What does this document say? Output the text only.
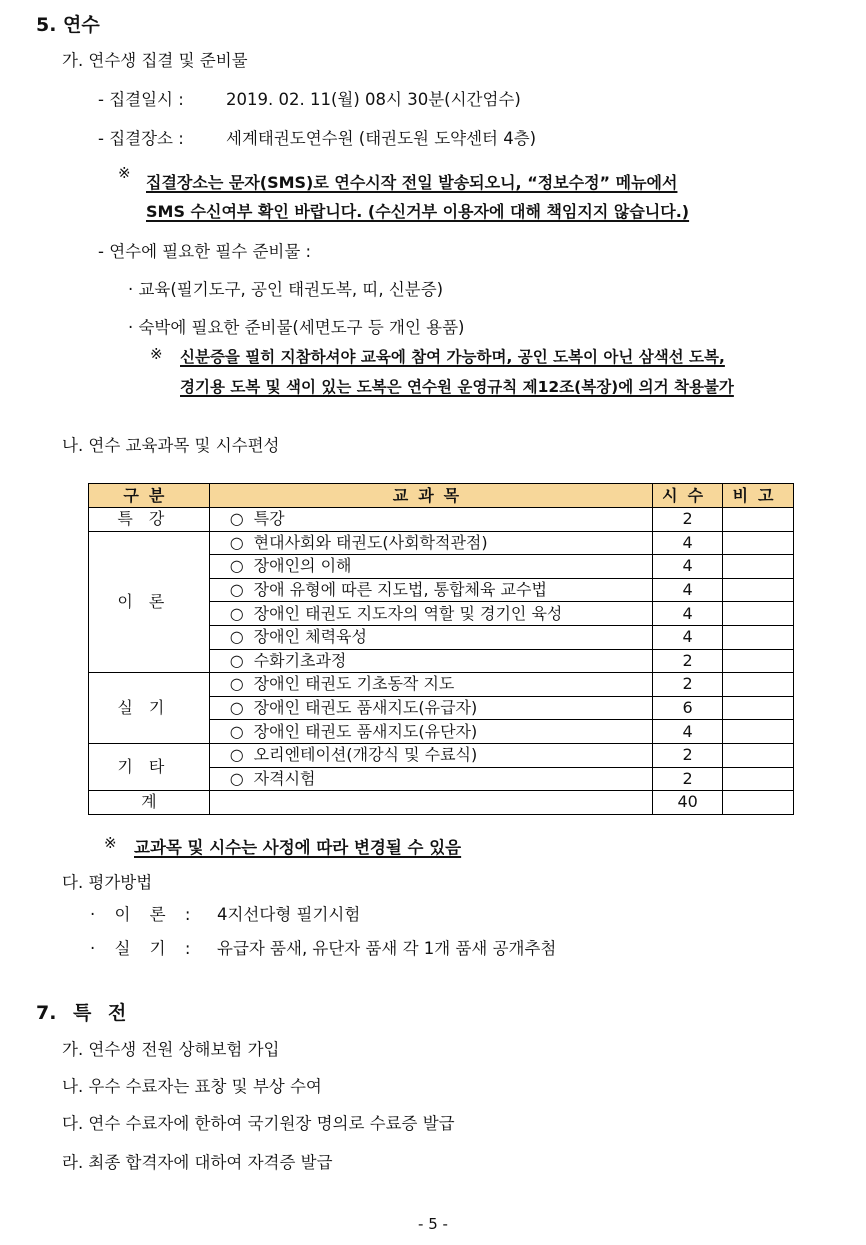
5. 연수
가. 연수생 집결 및 준비물
- 집결일시 :	2019. 02. 11(월) 08시 30분(시간엄수)
- 집결장소 :	세계태권도연수원 (태권도원 도약센터 4층)
※ 집결장소는 문자(SMS)로 연수시작 전일 발송되오니, “정보수정” 메뉴에서
SMS 수신여부 확인 바랍니다. (수신거부 이용자에 대해 책임지지 않습니다.)
- 연수에 필요한 필수 준비물 :
· 교육(필기도구, 공인 태권도복, 띠, 신분증)
· 숙박에 필요한 준비물(세면도구 등 개인 용품)
※ 신분증을 필히 지참하셔야 교육에 참여 가능하며, 공인 도복이 아닌 삼색선 도복,
경기용 도복 및 색이 있는 도복은 연수원 운영규칙 제12조(복장)에 의거 착용불가
나. 연수 교육과목 및 시수편성
구분	교과목	시수	비고
특강	○ 특강	2	
이론	○ 현대사회와 태권도(사회학적관점)	4	
	○ 장애인의 이해	4	
	○ 장애 유형에 따른 지도법, 통합체육 교수법	4	
	○ 장애인 태권도 지도자의 역할 및 경기인 육성	4	
	○ 장애인 체력육성	4	
	○ 수화기초과정	2	
실기	○ 장애인 태권도 기초동작 지도	2	
	○ 장애인 태권도 품새지도(유급자)	6	
	○ 장애인 태권도 품새지도(유단자)	4	
기타	○ 오리엔테이션(개강식 및 수료식)	2	
	○ 자격시험	2	
계		40	
※ 교과목 및 시수는 사정에 따라 변경될 수 있음
다. 평가방법
· 이 론 : 4지선다형 필기시험
· 실 기 : 유급자 품새, 유단자 품새 각 1개 품새 공개추첨
7. 특 전
가. 연수생 전원 상해보험 가입
나. 우수 수료자는 표창 및 부상 수여
다. 연수 수료자에 한하여 국기원장 명의로 수료증 발급
라. 최종 합격자에 대하여 자격증 발급
- 5 -
